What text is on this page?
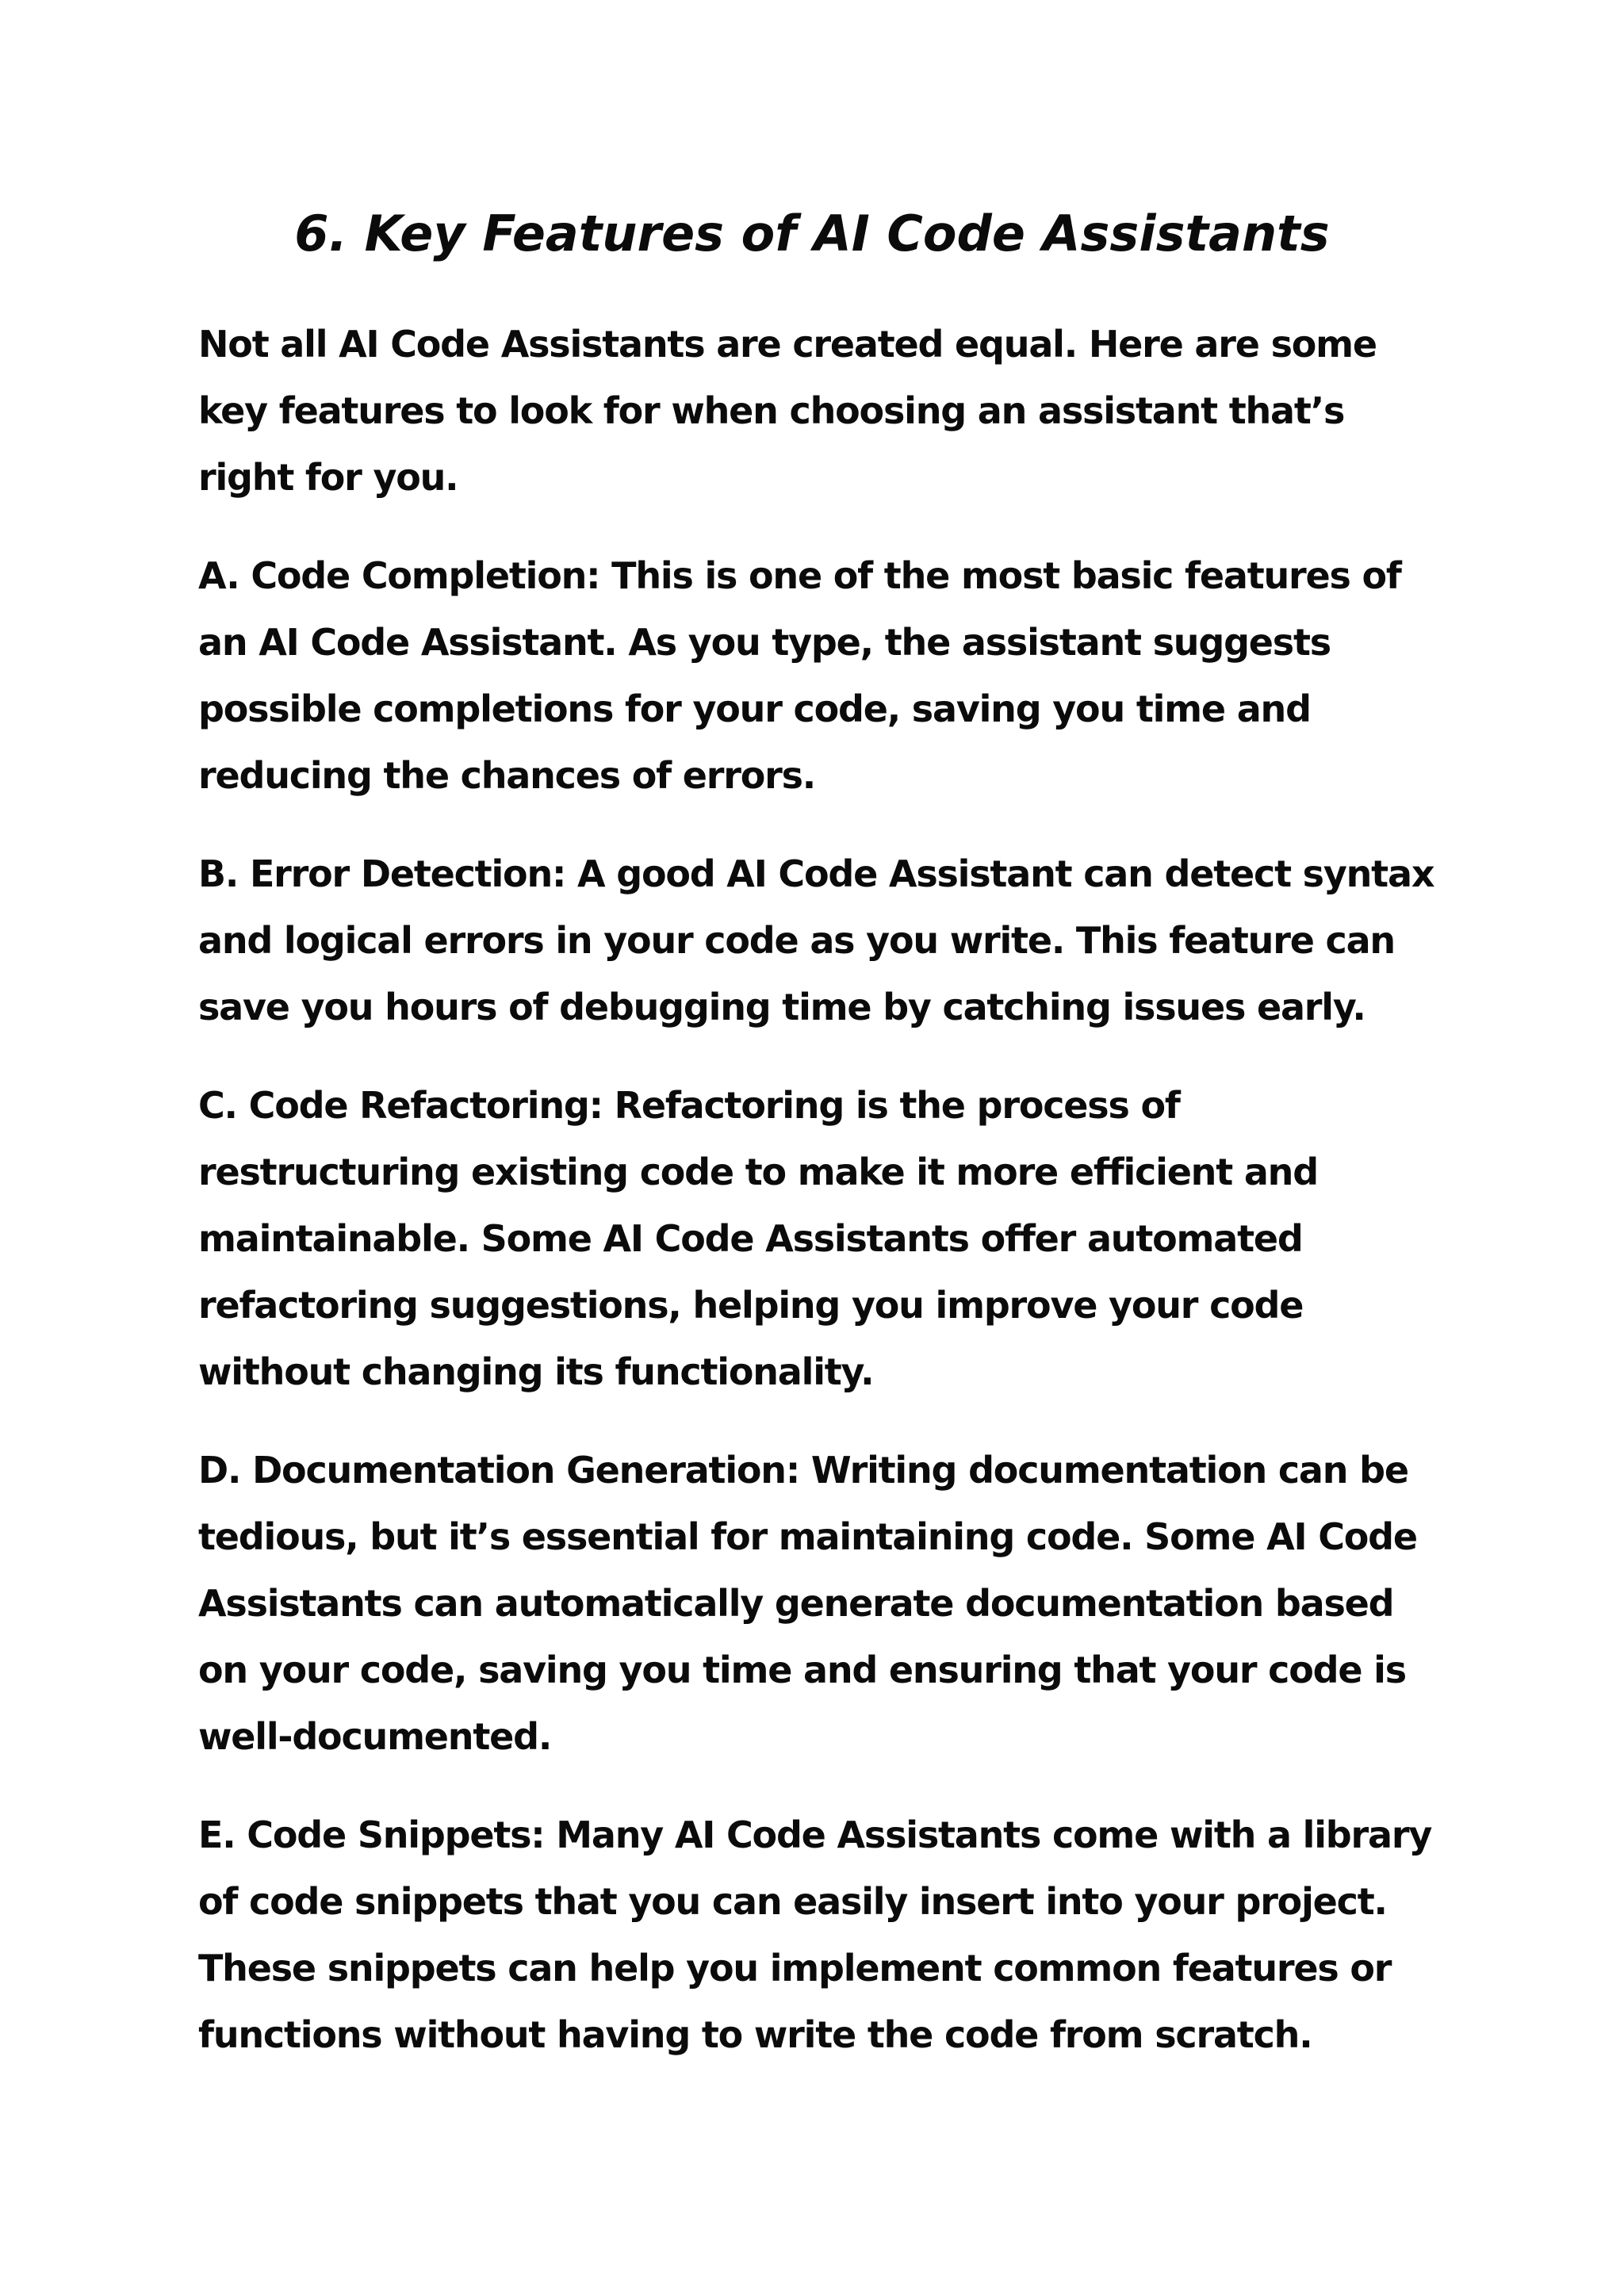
6. Key Features of AI Code Assistants

Not all AI Code Assistants are created equal. Here are some key features to look for when choosing an assistant that’s right for you.

A. Code Completion: This is one of the most basic features of an AI Code Assistant. As you type, the assistant suggests possible completions for your code, saving you time and reducing the chances of errors.

B. Error Detection: A good AI Code Assistant can detect syntax and logical errors in your code as you write. This feature can save you hours of debugging time by catching issues early.

C. Code Refactoring: Refactoring is the process of restructuring existing code to make it more efficient and maintainable. Some AI Code Assistants offer automated refactoring suggestions, helping you improve your code without changing its functionality.

D. Documentation Generation: Writing documentation can be tedious, but it’s essential for maintaining code. Some AI Code Assistants can automatically generate documentation based on your code, saving you time and ensuring that your code is well-documented.

E. Code Snippets: Many AI Code Assistants come with a library of code snippets that you can easily insert into your project. These snippets can help you implement common features or functions without having to write the code from scratch.
